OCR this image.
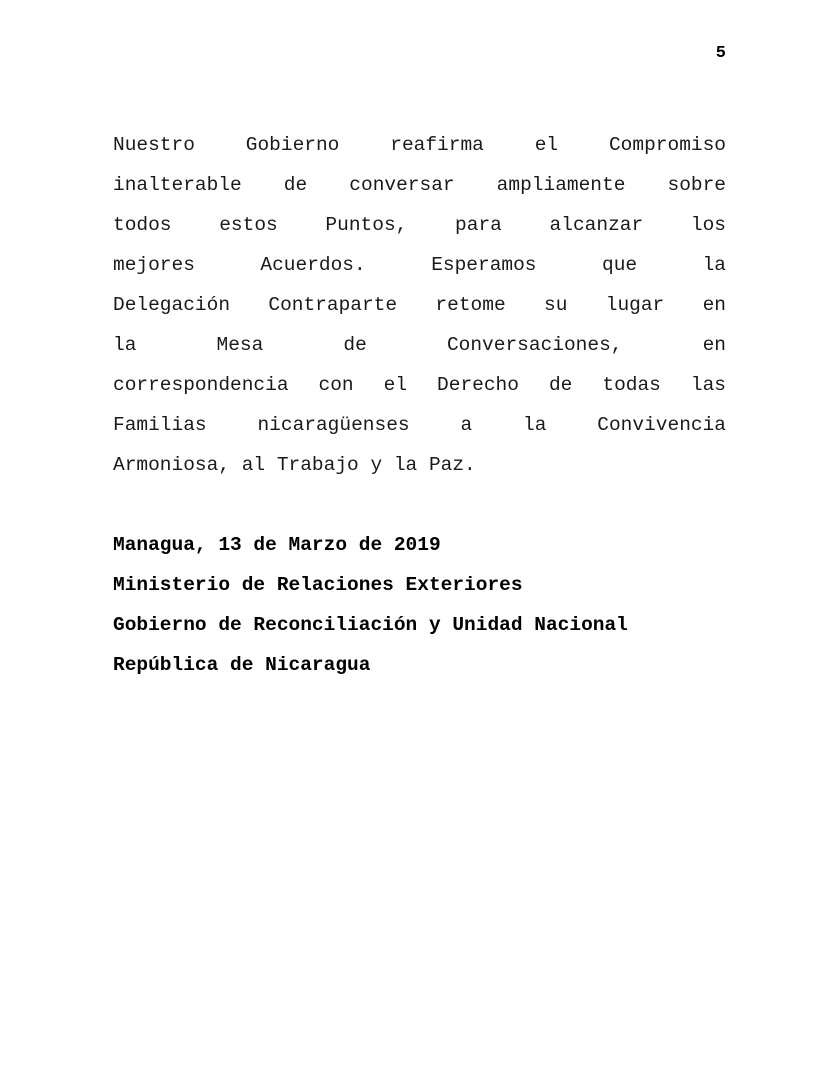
5
Nuestro Gobierno reafirma el Compromiso
inalterable de conversar ampliamente sobre
todos estos Puntos, para alcanzar los
mejores Acuerdos. Esperamos que la
Delegación Contraparte retome su lugar en
la Mesa de Conversaciones, en
correspondencia con el Derecho de todas las
Familias nicaragüenses a la Convivencia
Armoniosa, al Trabajo y la Paz.
Managua, 13 de Marzo de 2019
Ministerio de Relaciones Exteriores
Gobierno de Reconciliación y Unidad Nacional
República de Nicaragua
